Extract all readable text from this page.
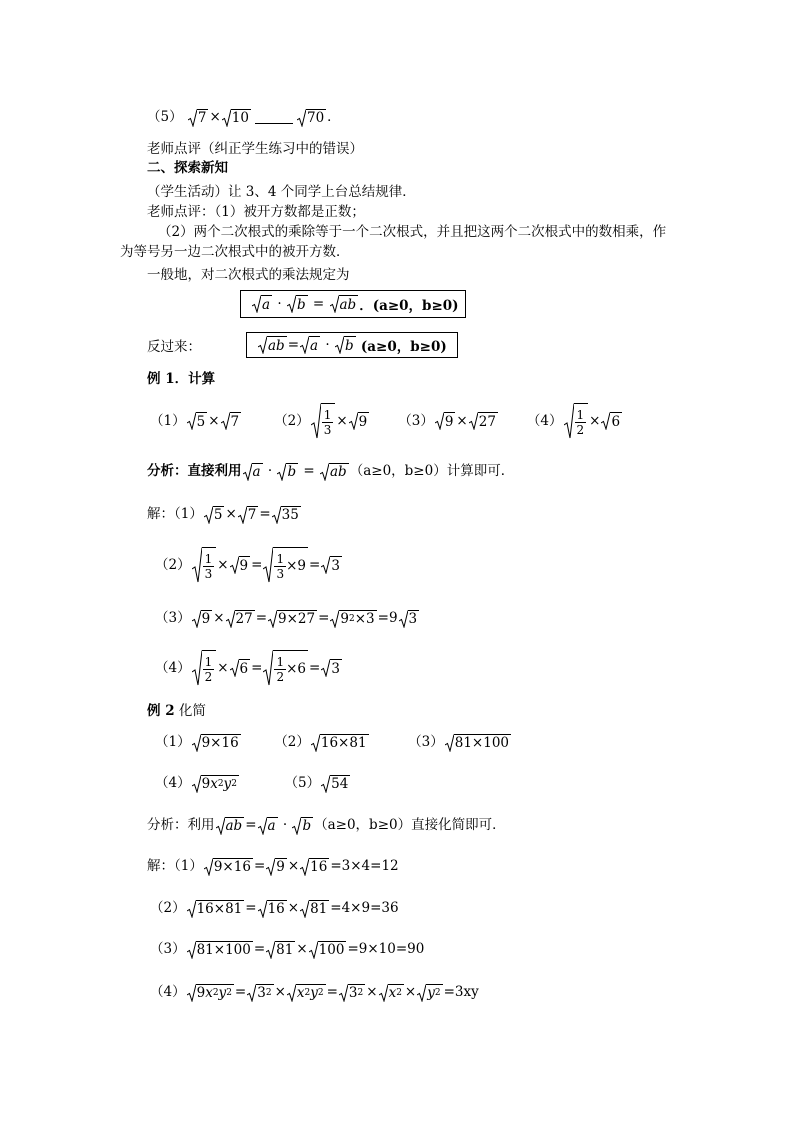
（5） 7 × 10	70 ．
老师点评（纠正学生练习中的错误）
二、探索新知
（学生活动）让 3、4 个同学上台总结规律．
老师点评：（1）被开方数都是正数；
（2）两个二次根式的乘除等于一个二次根式，并且把这两个二次根式中的数相乘，作
为等号另一边二次根式中的被开方数．
一般地，对二次根式的乘法规定为
a · b = ab ．(a≥0，b≥0)
反过来：	ab = a · b
(a≥0，b≥0)
例 1．计算
（1） 5 × 7	（2） 1
3
× 9 （3） 9 × 27 （4） 1
2
× 6
分析：直接利用 a · b = ab （a≥0，b≥0）计算即可．
解：（1） 5 × 7 = 35
（2） 1
3
× $9 = \frac{1}{3} \times 9 = 3$
（3） 9 × 27 = 9×27 = 9 2 ×3 =9 3
（4） 1
2
× $6 = \frac{1}{2} \times 6 = 3$
例 2 化简
（1） 9×16	（2） 16×81	（3） 81×100
（4） 9 x 2 y 2	（5） 54
分析：利用 ab = a · b （a≥0，b≥0）直接化简即可．
解：（1） 9×16 = 9 × 16 =3×4=12
（2） 16×81 = 16 × 81 =4×9=36
（3） 81×100 = 81 × 100 =9×10=90
（4） 9 x 2 y 2 = 3 2 × x 2 y 2 = 3 2 × x 2 × y 2 =3xy
